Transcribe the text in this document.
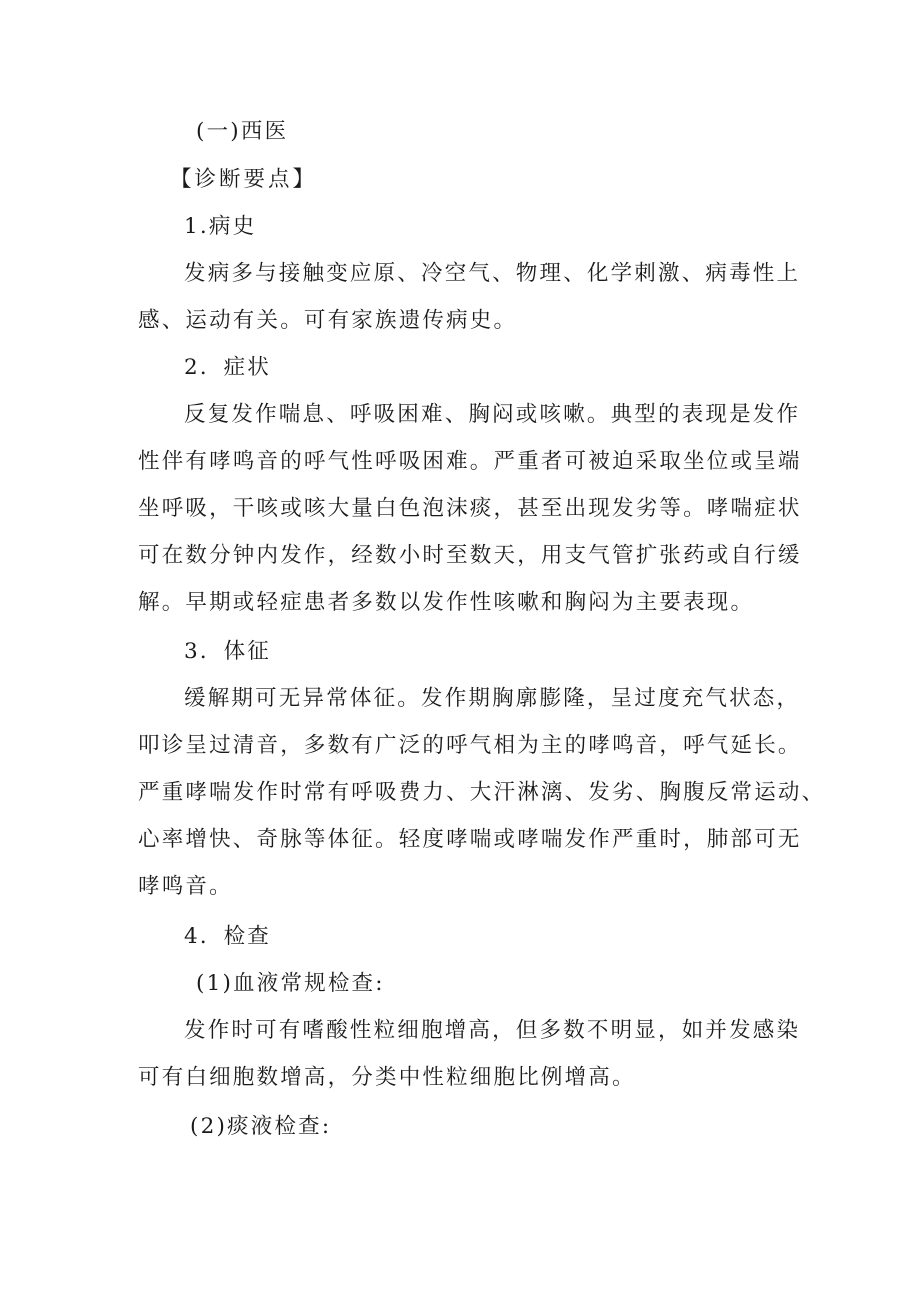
(一)西医
【诊断要点】
1.病史
发病多与接触变应原、冷空气、物理、化学刺激、病毒性上
感、运动有关。可有家族遗传病史。
2．症状
反复发作喘息、呼吸困难、胸闷或咳嗽。典型的表现是发作
性伴有哮鸣音的呼气性呼吸困难。严重者可被迫采取坐位或呈端
坐呼吸，干咳或咳大量白色泡沫痰，甚至出现发劣等。哮喘症状
可在数分钟内发作，经数小时至数天，用支气管扩张药或自行缓
解。早期或轻症患者多数以发作性咳嗽和胸闷为主要表现。
3．体征
缓解期可无异常体征。发作期胸廓膨隆，呈过度充气状态，
叩诊呈过清音，多数有广泛的呼气相为主的哮鸣音，呼气延长。
严重哮喘发作时常有呼吸费力、大汗淋漓、发劣、胸腹反常运动、
心率增快、奇脉等体征。轻度哮喘或哮喘发作严重时，肺部可无
哮鸣音。
4．检查
(1)血液常规检查:
发作时可有嗜酸性粒细胞增高，但多数不明显，如并发感染
可有白细胞数增高，分类中性粒细胞比例增高。
(2)痰液检查:
